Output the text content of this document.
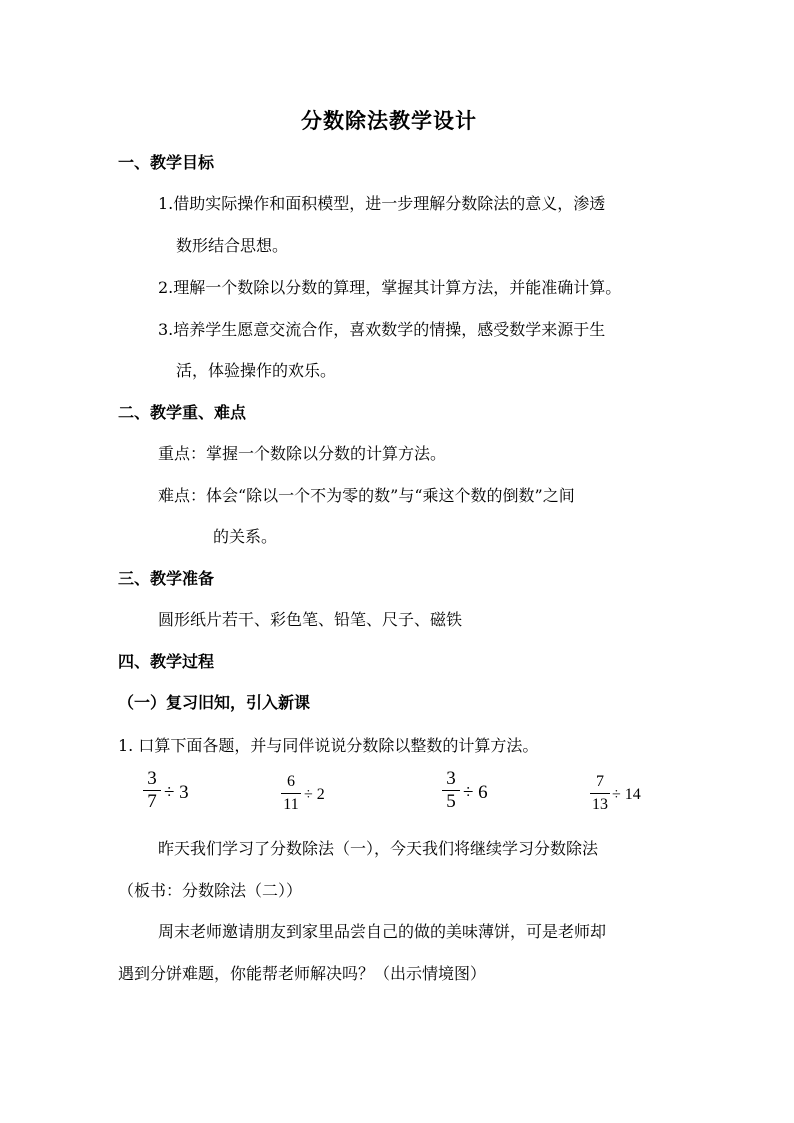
分数除法教学设计
一、教学目标
1.借助实际操作和面积模型，进一步理解分数除法的意义，渗透
数形结合思想。
2.理解一个数除以分数的算理，掌握其计算方法，并能准确计算。
3.培养学生愿意交流合作，喜欢数学的情操，感受数学来源于生
活，体验操作的欢乐。
二、教学重、难点
重点：掌握一个数除以分数的计算方法。
难点：体会“除以一个不为零的数”与“乘这个数的倒数”之间
的关系。
三、教学准备
圆形纸片若干、彩色笔、铅笔、尺子、磁铁
四、教学过程
（一）复习旧知，引入新课
1. 口算下面各题，并与同伴说说分数除以整数的计算方法。
3
7 ÷ 3
6
11
÷ 2
3
5 ÷ 6
7
13
÷ 14
昨天我们学习了分数除法（一），今天我们将继续学习分数除法
（板书：分数除法（二））
周末老师邀请朋友到家里品尝自己的做的美味薄饼，可是老师却
遇到分饼难题，你能帮老师解决吗？（出示情境图）
